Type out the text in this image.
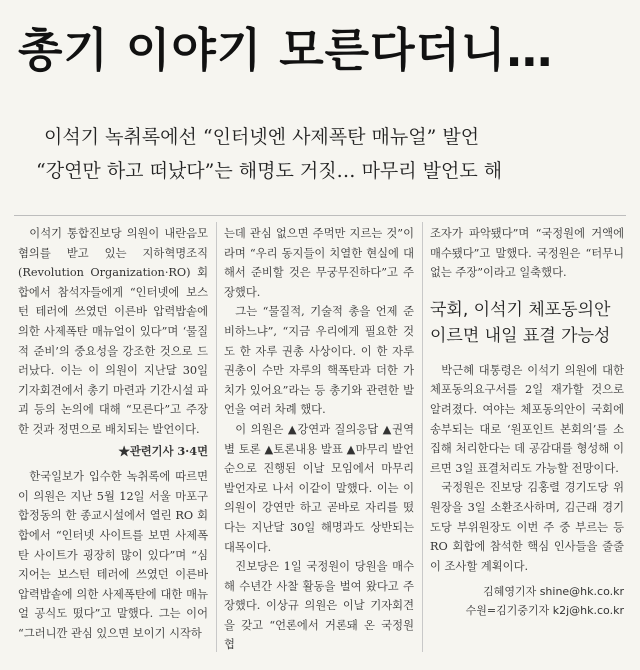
총기 이야기 모른다더니…
이석기 녹취록에선 “인터넷엔 사제폭탄 매뉴얼” 발언
“강연만 하고 떠났다”는 해명도 거짓… 마무리 발언도 해

이석기 통합진보당 의원이 내란음모 혐의를 받고 있는 지하혁명조직(Revolution Organization·RO) 회합에서 참석자들에게 “인터넷에 보스턴 테러에 쓰였던 이른바 압력밥솥에 의한 사제폭탄 매뉴얼이 있다”며 ‘물질적 준비’의 중요성을 강조한 것으로 드러났다. 이는 이 의원이 지난달 30일 기자회견에서 총기 마련과 기간시설 파괴 등의 논의에 대해 “모른다”고 주장한 것과 정면으로 배치되는 발언이다.

★ 관련기사 3·4면

한국일보가 입수한 녹취록에 따르면 이 의원은 지난 5월 12일 서울 마포구 합정동의 한 종교시설에서 열린 RO 회합에서 “인터넷 사이트를 보면 사제폭탄 사이트가 굉장히 많이 있다”며 “심지어는 보스턴 테러에 쓰였던 이른바 압력밥솥에 의한 사제폭탄에 대한 매뉴얼 공식도 떴다”고 말했다. 그는 이어 “그러니깐 관심 있으면 보이기 시작하

는데 관심 없으면 주먹만 지르는 것”이라며 “우리 동지들이 치열한 현실에 대해서 준비할 것은 무궁무진하다”고 주장했다.

그는 “물질적, 기술적 총을 언제 준비하느냐”, “지금 우리에게 필요한 것도 한 자루 권총 사상이다. 이 한 자루 권총이 수만 자루의 핵폭탄과 더한 가치가 있어요”라는 등 총기와 관련한 발언을 여러 차례 했다.

이 의원은 ▲강연과 질의응답 ▲권역별 토론 ▲토론내용 발표 ▲마무리 발언 순으로 진행된 이날 모임에서 마무리 발언자로 나서 이같이 말했다. 이는 이 의원이 강연만 하고 곧바로 자리를 떴다는 지난달 30일 해명과도 상반되는 대목이다.

진보당은 1일 국정원이 당원을 매수해 수년간 사찰 활동을 벌여 왔다고 주장했다. 이상규 의원은 이날 기자회견을 갖고 “언론에서 거론돼 온 국정원 협

조자가 파악됐다”며 “국정원에 거액에 매수됐다”고 말했다. 국정원은 “터무니 없는 주장”이라고 일축했다.

국회, 이석기 체포동의안 이르면 내일 표결 가능성

박근혜 대통령은 이석기 의원에 대한 체포동의요구서를 2일 재가할 것으로 알려졌다. 여야는 체포동의안이 국회에 송부되는 대로 ‘원포인트 본회의’를 소집해 처리한다는 데 공감대를 형성해 이르면 3일 표결처리도 가능할 전망이다.

국정원은 진보당 김홍렬 경기도당 위원장을 3일 소환조사하며, 김근래 경기도당 부위원장도 이번 주 중 부르는 등 RO 회합에 참석한 핵심 인사들을 줄줄이 조사할 계획이다.

김혜영기자 shine@hk.co.kr
수원=김기중기자 k2j@hk.co.kr
